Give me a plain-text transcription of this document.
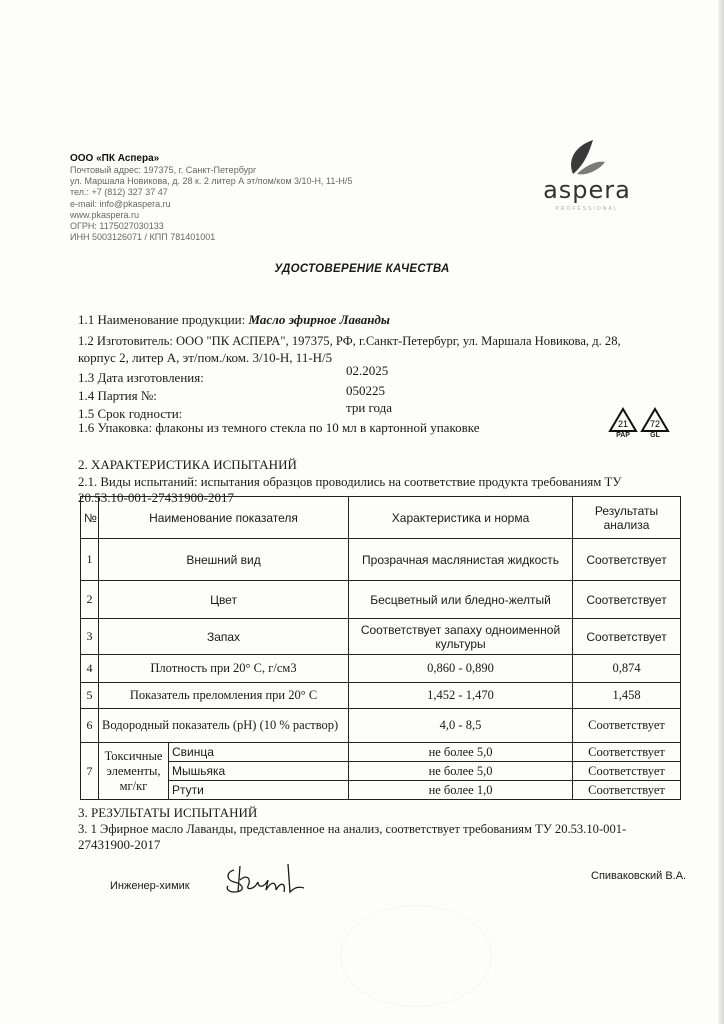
ООО «ПК Аспера»
Почтовый адрес: 197375, г. Санкт-Петербург
ул. Маршала Новикова, д. 28 к. 2 литер А эт/пом/ком 3/10-Н, 11-Н/5
тел.: +7 (812) 327 37 47
e-mail: info@pkaspera.ru
www.pkaspera.ru
ОГРН: 1175027030133
ИНН 5003126071 / КПП 781401001
aspera
PROFESSIONAL
УДОСТОВЕРЕНИЕ КАЧЕСТВА
1.1 Наименование продукции: Масло эфирное Лаванды
1.2 Изготовитель: ООО "ПК АСПЕРА", 197375, РФ, г.Санкт-Петербург, ул. Маршала Новикова, д. 28,
корпус 2, литер А, эт/пом./ком. 3/10-Н, 11-Н/5
1.3 Дата изготовления:	02.2025
1.4 Партия №:	050225
1.5 Срок годности:	три года
1.6 Упаковка: флаконы из темного стекла по 10 мл в картонной упаковке	21
PAP
72
GL
2. ХАРАКТЕРИСТИКА ИСПЫТАНИЙ
2.1. Виды испытаний: испытания образцов проводились на соответствие продукта требованиям ТУ
20.53.10-001-27431900-2017
№	Наименование показателя		Характеристика и норма	Результаты
анализа

1	Внешний вид		Прозрачная маслянистая жидкость	Соответствует
2	Цвет		Бесцветный или бледно-желтый	Соответствует
3	Запах		Соответствует запаху одноименной культуры	Соответствует
4	Плотность при 20° С, г/см3		0,860 - 0,890	0,874
5	Показатель преломления при 20° С		1,452 - 1,470	1,458
6	Водородный показатель (pH) (10 % раствор)		4,0 - 8,5	Соответствует
7	Токсичные элементы, мг/кг	Свинца	не более 5,0	Соответствует
		Мышьяка	не более 5,0	Соответствует
		Ртути	не более 1,0	Соответствует
3. РЕЗУЛЬТАТЫ ИСПЫТАНИЙ
3. 1 Эфирное масло Лаванды, представленное на анализ, соответствует требованиям ТУ 20.53.10-001-
27431900-2017
Инженер-химик
Спиваковский В.А.
